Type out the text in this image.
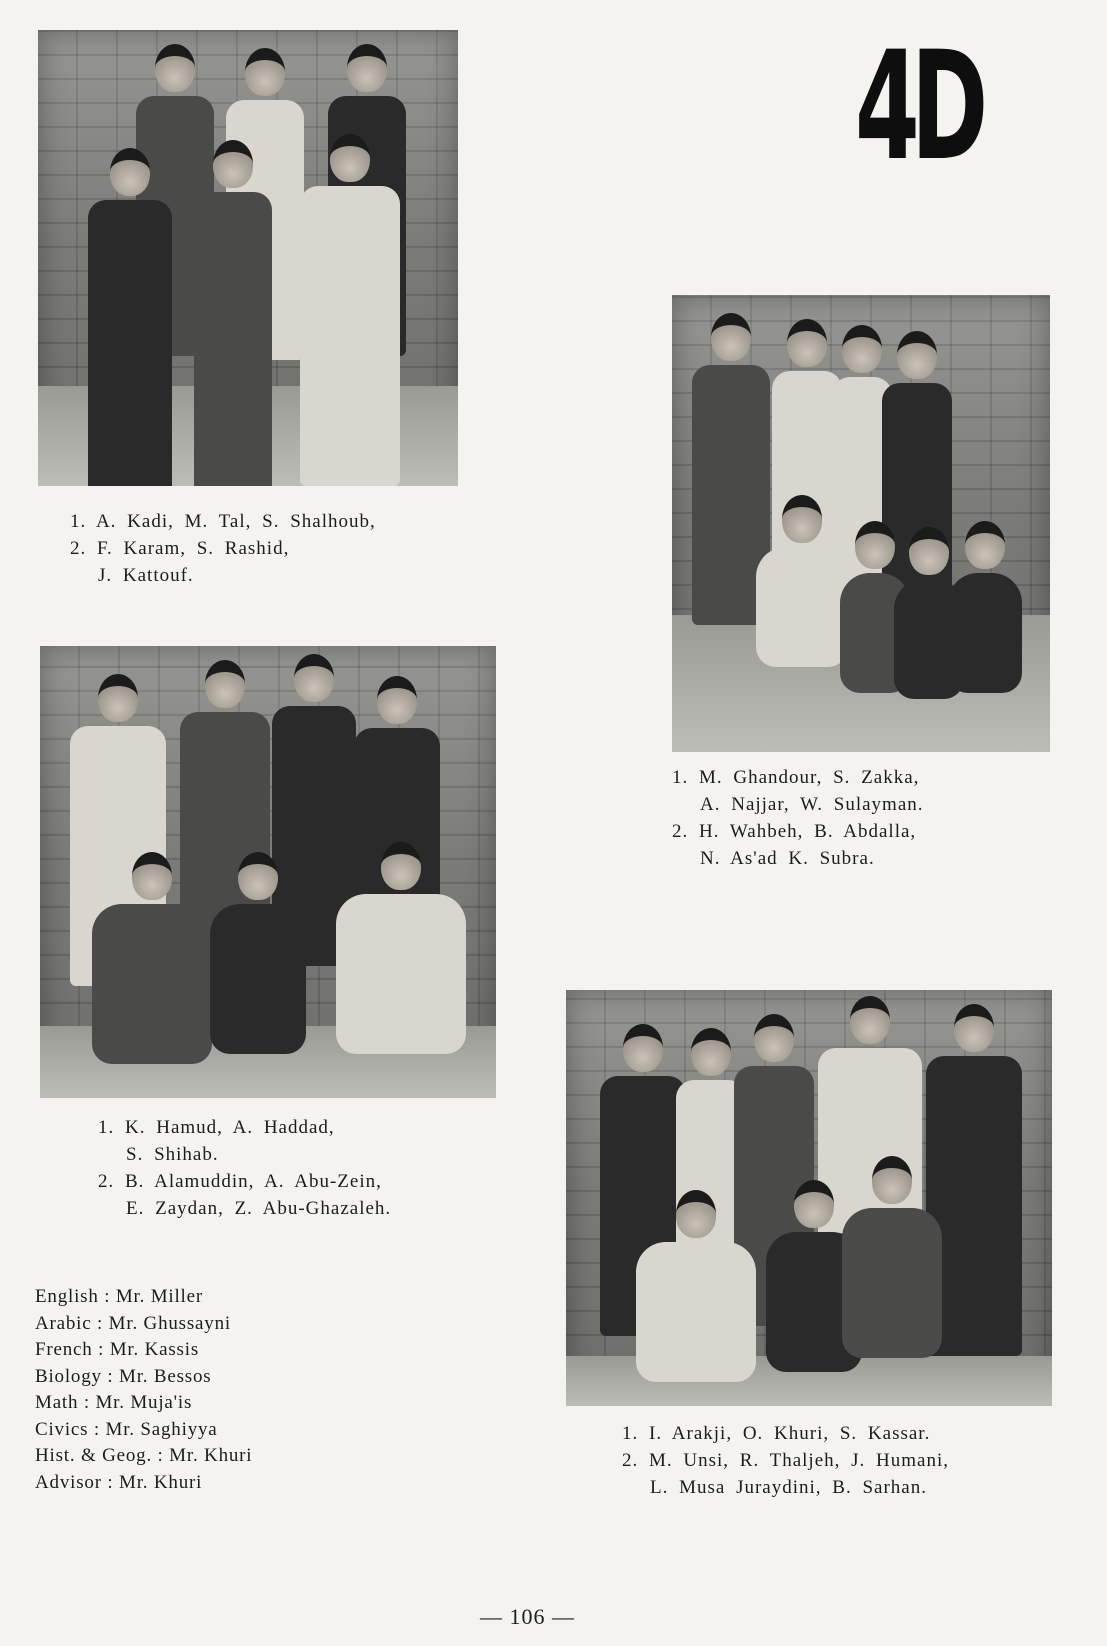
4D
1. A. Kadi, M. Tal, S. Shalhoub,
2. F. Karam, S. Rashid,
J. Kattouf.
1. M. Ghandour, S. Zakka,
A. Najjar, W. Sulayman.
2. H. Wahbeh, B. Abdalla,
N. As'ad K. Subra.
1. K. Hamud, A. Haddad,
S. Shihab.
2. B. Alamuddin, A. Abu-Zein,
E. Zaydan, Z. Abu-Ghazaleh.
1. I. Arakji, O. Khuri, S. Kassar.
2. M. Unsi, R. Thaljeh, J. Humani,
L. Musa Juraydini, B. Sarhan.
English : Mr. Miller
Arabic : Mr. Ghussayni
French : Mr. Kassis
Biology : Mr. Bessos
Math : Mr. Muja'is
Civics : Mr. Saghiyya
Hist. & Geog. : Mr. Khuri
Advisor : Mr. Khuri
— 106 —
